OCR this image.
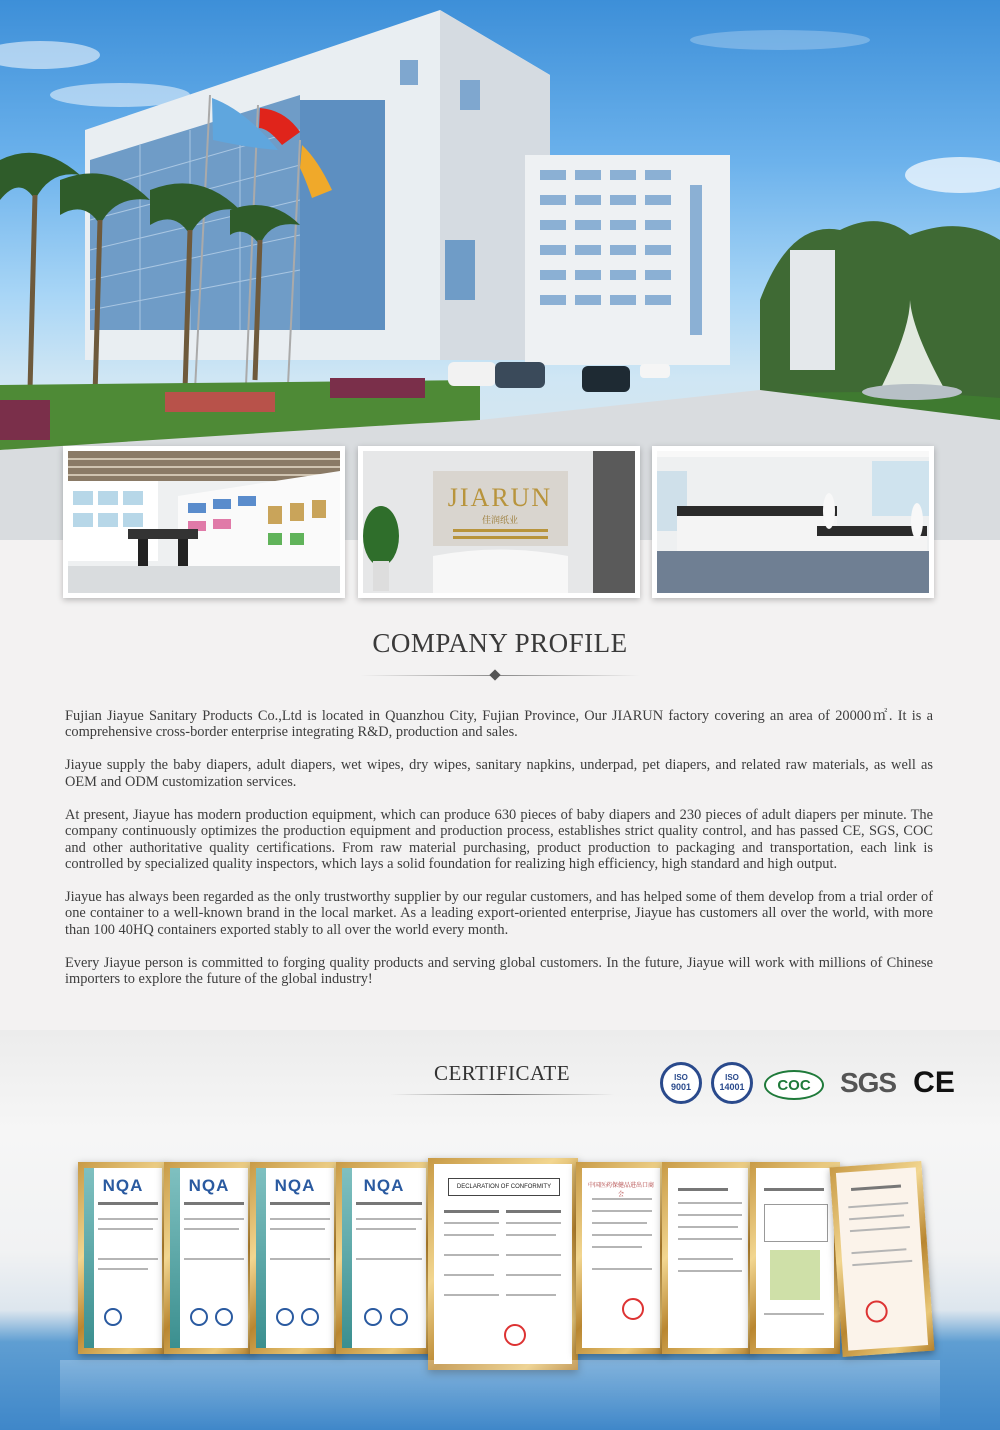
JIARUN
佳润纸业
COMPANY PROFILE

Fujian Jiayue Sanitary Products Co.,Ltd is located in Quanzhou City, Fujian Province, Our JIARUN factory covering an area of 20000㎡. It is a comprehensive cross-border enterprise integrating R&D, production and sales.

Jiayue supply the baby diapers, adult diapers, wet wipes, dry wipes, sanitary napkins, underpad, pet diapers, and related raw materials, as well as OEM and ODM customization services.

At present, Jiayue has modern production equipment, which can produce 630 pieces of baby diapers and 230 pieces of adult diapers per minute. The company continuously optimizes the production equipment and production process, establishes strict quality control, and has passed CE, SGS, COC and other authoritative quality certifications. From raw material purchasing, product production to packaging and transportation, each link is controlled by specialized quality inspectors, which lays a solid foundation for realizing high efficiency, high standard and high output.

Jiayue has always been regarded as the only trustworthy supplier by our regular customers, and has helped some of them develop from a trial order of one container to a well-known brand in the local market. As a leading export-oriented enterprise, Jiayue has customers all over the world, with more than 100 40HQ containers exported stably to all over the world every month.

Every Jiayue person is committed to forging quality products and serving global customers. In the future, Jiayue will work with millions of Chinese importers to explore the future of the global industry!

CERTIFICATE	ISO
9001
ISO
14001	COC	SGS CE
NQA	NQA	NQA	NQA	DECLARATION OF CONFORMITY	中国医药保健品进出口商会
